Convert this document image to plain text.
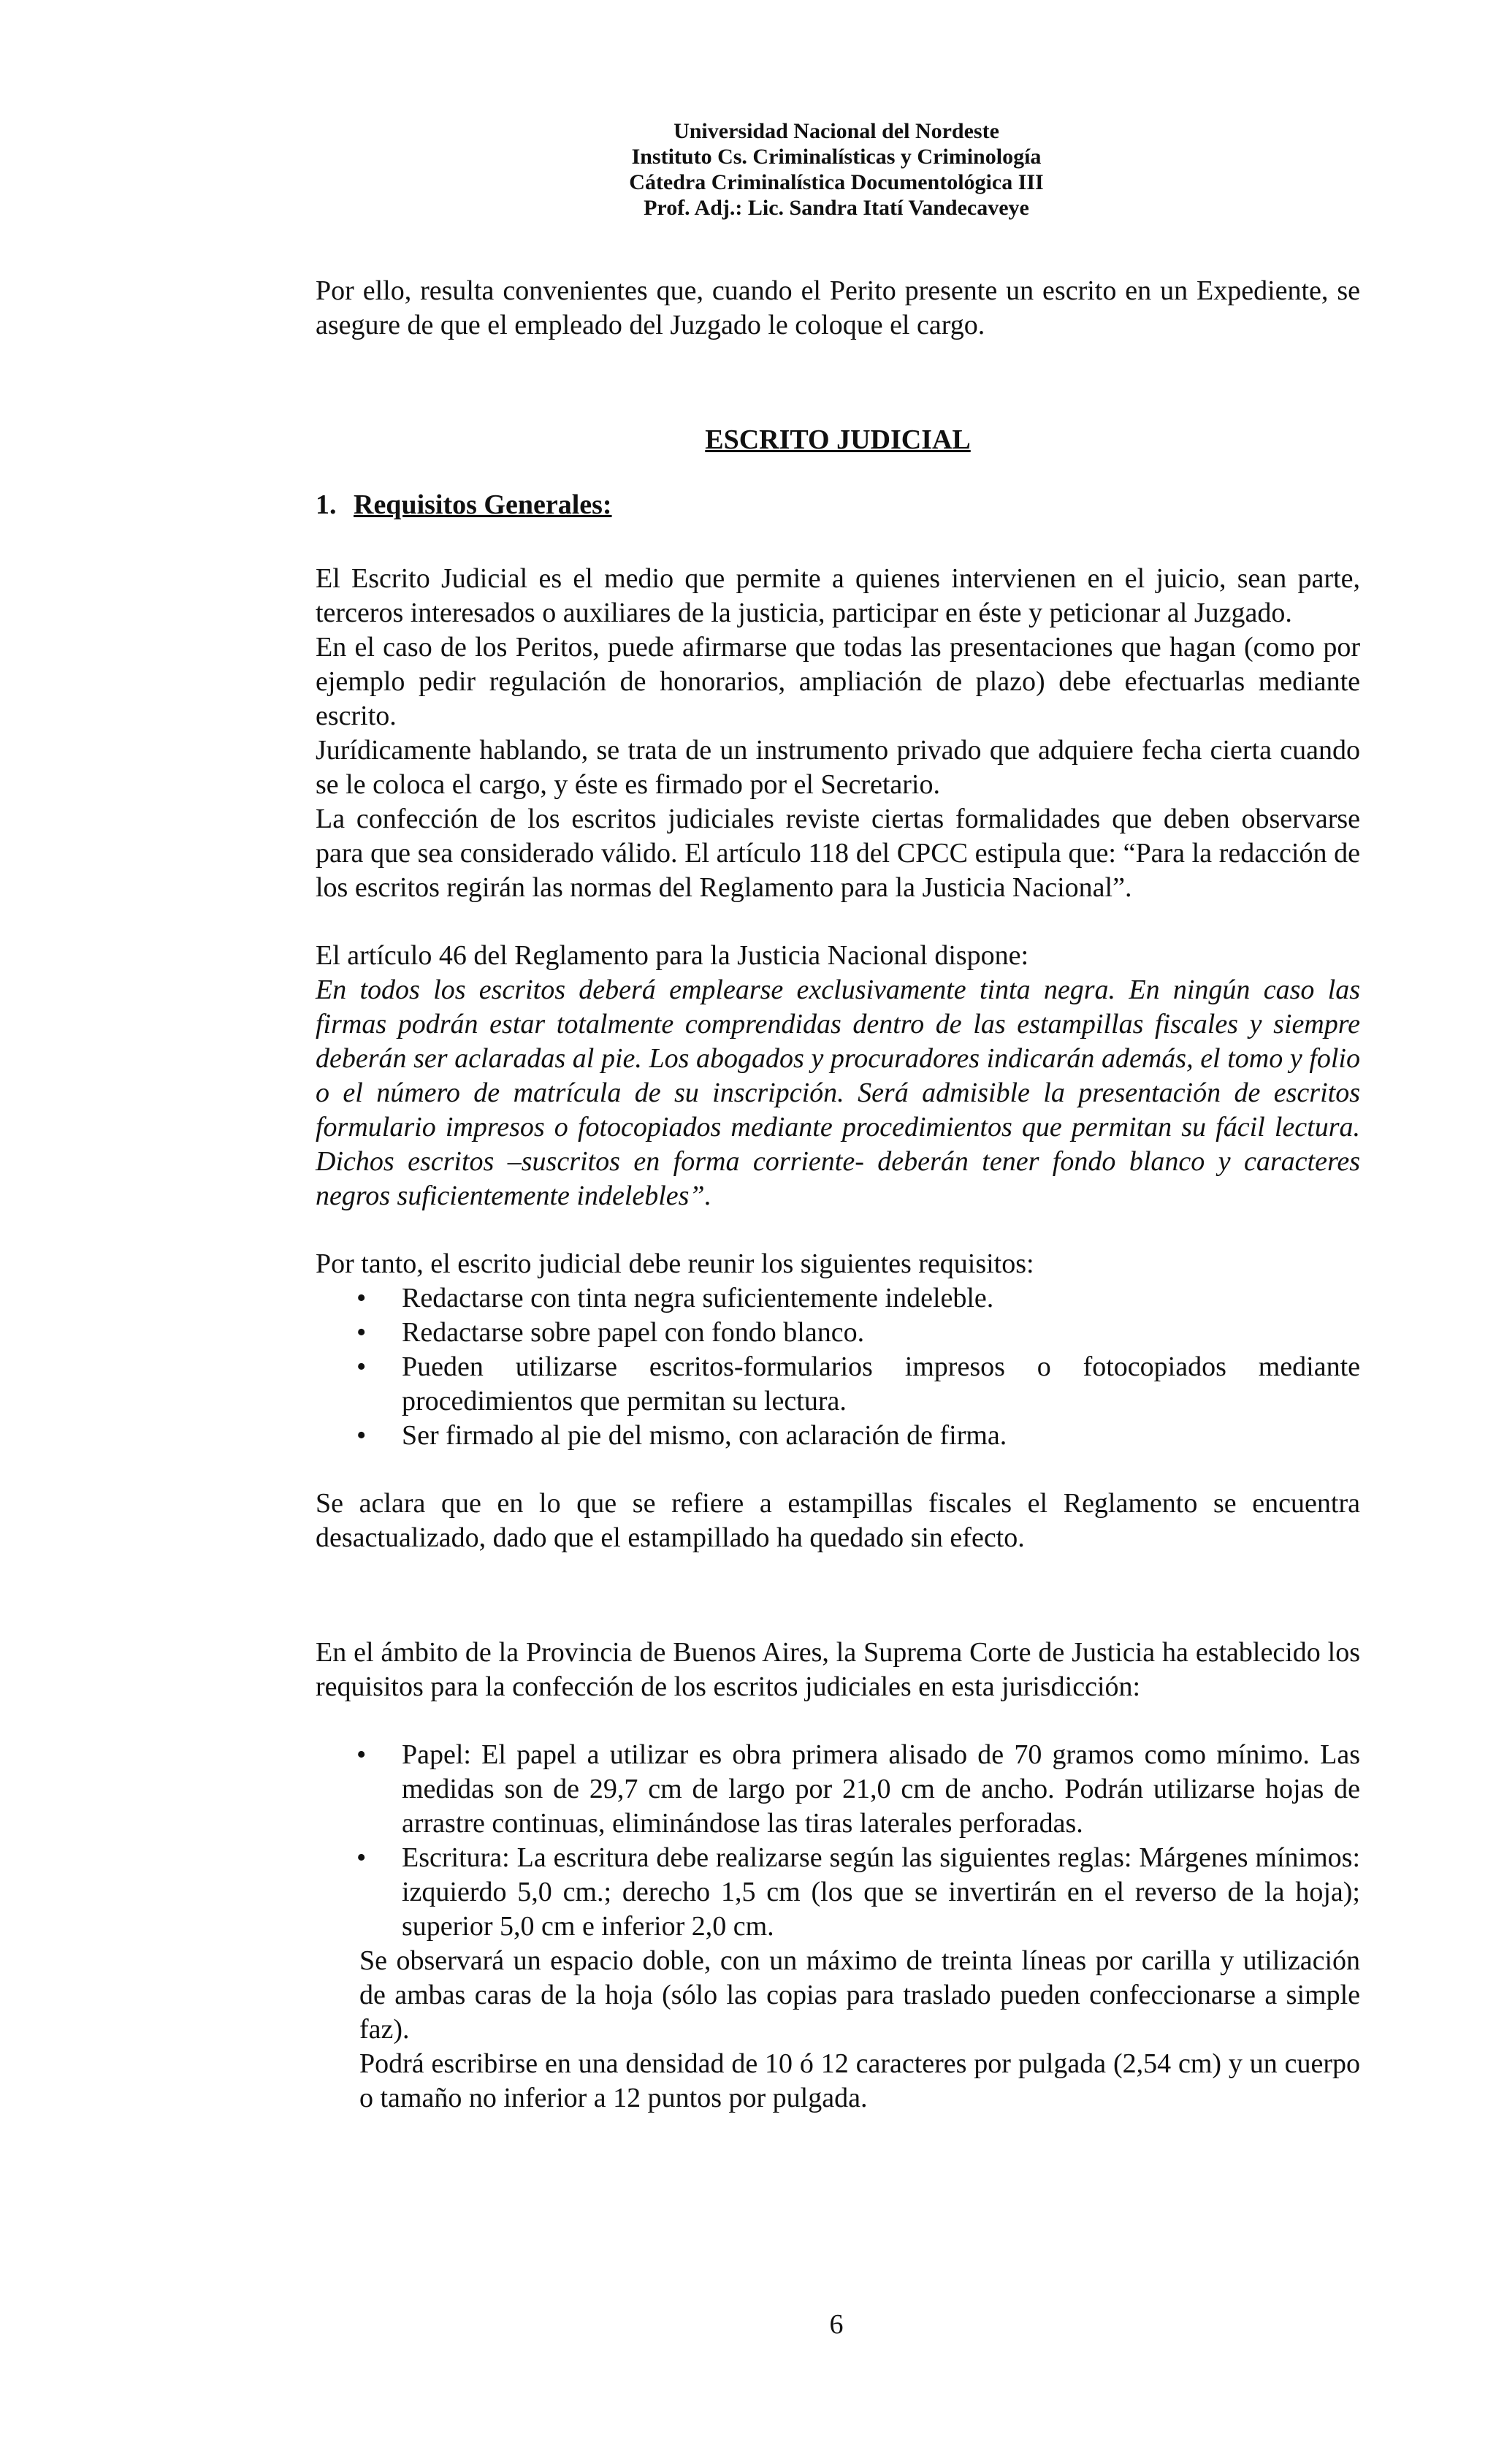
Universidad Nacional del Nordeste
Instituto Cs. Criminalísticas y Criminología
Cátedra Criminalística Documentológica III
Prof. Adj.: Lic. Sandra Itatí Vandecaveye

Por ello, resulta convenientes que, cuando el Perito presente un escrito en un Expediente, se asegure de que el empleado del Juzgado le coloque el cargo.

ESCRITO JUDICIAL
1. Requisitos Generales:

El Escrito Judicial es el medio que permite a quienes intervienen en el juicio, sean parte, terceros interesados o auxiliares de la justicia, participar en éste y peticionar al Juzgado.

En el caso de los Peritos, puede afirmarse que todas las presentaciones que hagan (como por ejemplo pedir regulación de honorarios, ampliación de plazo) debe efectuarlas mediante escrito.

Jurídicamente hablando, se trata de un instrumento privado que adquiere fecha cierta cuando se le coloca el cargo, y éste es firmado por el Secretario.

La confección de los escritos judiciales reviste ciertas formalidades que deben observarse para que sea considerado válido. El artículo 118 del CPCC estipula que: “Para la redacción de los escritos regirán las normas del Reglamento para la Justicia Nacional”.

El artículo 46 del Reglamento para la Justicia Nacional dispone:

En todos los escritos deberá emplearse exclusivamente tinta negra. En ningún caso las firmas podrán estar totalmente comprendidas dentro de las estampillas fiscales y siempre deberán ser aclaradas al pie. Los abogados y procuradores indicarán además, el tomo y folio o el número de matrícula de su inscripción. Será admisible la presentación de escritos formulario impresos o fotocopiados mediante procedimientos que permitan su fácil lectura. Dichos escritos –suscritos en forma corriente- deberán tener fondo blanco y caracteres negros suficientemente indelebles”.

Por tanto, el escrito judicial debe reunir los siguientes requisitos:

• Redactarse con tinta negra suficientemente indeleble.
• Redactarse sobre papel con fondo blanco.
• Pueden utilizarse escritos-formularios impresos o fotocopiados mediante procedimientos que permitan su lectura.
• Ser firmado al pie del mismo, con aclaración de firma.

Se aclara que en lo que se refiere a estampillas fiscales el Reglamento se encuentra desactualizado, dado que el estampillado ha quedado sin efecto.

En el ámbito de la Provincia de Buenos Aires, la Suprema Corte de Justicia ha establecido los requisitos para la confección de los escritos judiciales en esta jurisdicción:

• Papel: El papel a utilizar es obra primera alisado de 70 gramos como mínimo. Las medidas son de 29,7 cm de largo por 21,0 cm de ancho. Podrán utilizarse hojas de arrastre continuas, eliminándose las tiras laterales perforadas.
• Escritura: La escritura debe realizarse según las siguientes reglas: Márgenes mínimos: izquierdo 5,0 cm.; derecho 1,5 cm (los que se invertirán en el reverso de la hoja); superior 5,0 cm e inferior 2,0 cm.

Se observará un espacio doble, con un máximo de treinta líneas por carilla y utilización de ambas caras de la hoja (sólo las copias para traslado pueden confeccionarse a simple faz).

Podrá escribirse en una densidad de 10 ó 12 caracteres por pulgada (2,54 cm) y un cuerpo o tamaño no inferior a 12 puntos por pulgada.

6
